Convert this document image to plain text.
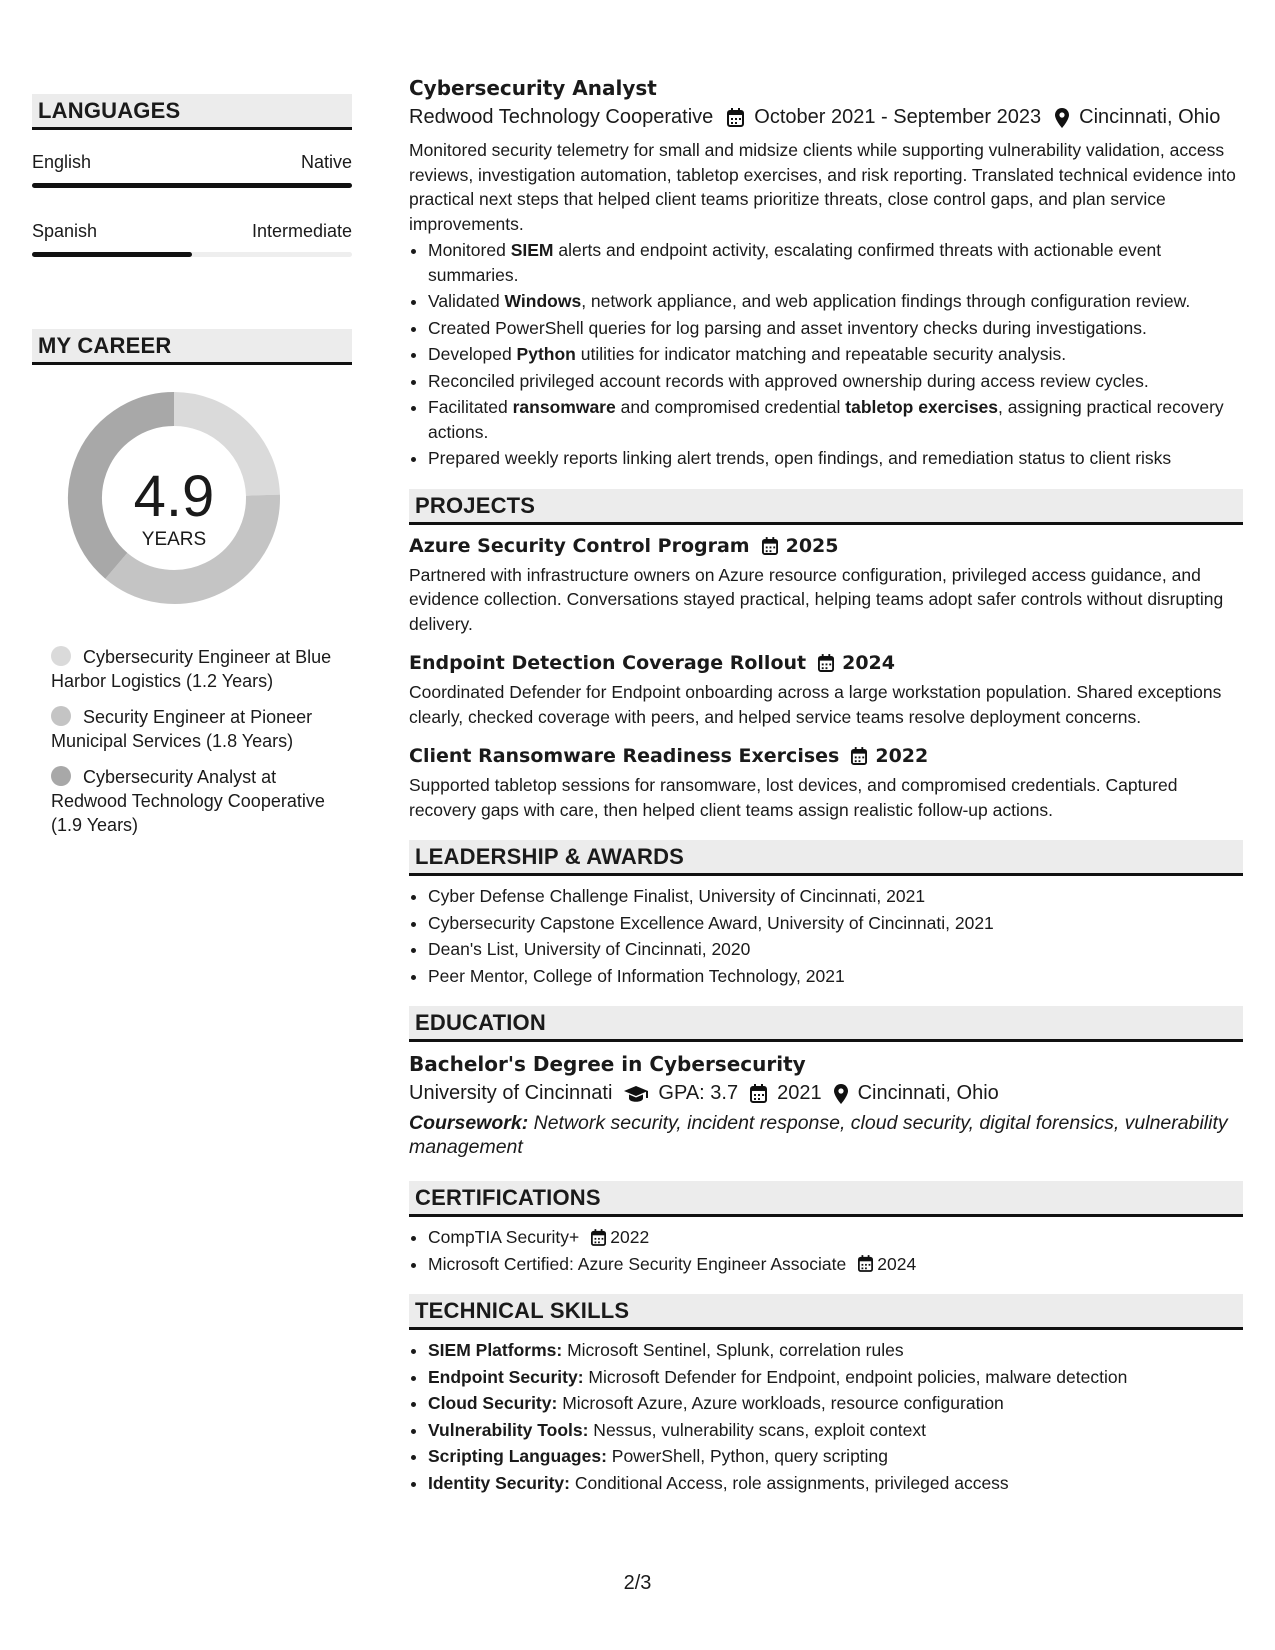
LANGUAGES
English	Native
Spanish	Intermediate
MY CAREER
4.9
YEARS
Cybersecurity Engineer at Blue Harbor Logistics (1.2 Years)
Security Engineer at Pioneer Municipal Services (1.8 Years)
Cybersecurity Analyst at Redwood Technology Cooperative (1.9 Years)
Cybersecurity Analyst
Redwood Technology Cooperative October 2021 - September 2023 Cincinnati, Ohio

Monitored security telemetry for small and midsize clients while supporting vulnerability validation, access reviews, investigation automation, tabletop exercises, and risk reporting. Translated technical evidence into practical next steps that helped client teams prioritize threats, close control gaps, and plan service improvements.

• Monitored SIEM alerts and endpoint activity, escalating confirmed threats with actionable event summaries.
• Validated Windows, network appliance, and web application findings through configuration review.
• Created PowerShell queries for log parsing and asset inventory checks during investigations.
• Developed Python utilities for indicator matching and repeatable security analysis.
• Reconciled privileged account records with approved ownership during access review cycles.
• Facilitated ransomware and compromised credential tabletop exercises, assigning practical recovery actions.
• Prepared weekly reports linking alert trends, open findings, and remediation status to client risks
PROJECTS
Azure Security Control Program 2025

Partnered with infrastructure owners on Azure resource configuration, privileged access guidance, and evidence collection. Conversations stayed practical, helping teams adopt safer controls without disrupting delivery.

Endpoint Detection Coverage Rollout 2024

Coordinated Defender for Endpoint onboarding across a large workstation population. Shared exceptions clearly, checked coverage with peers, and helped service teams resolve deployment concerns.

Client Ransomware Readiness Exercises 2022

Supported tabletop sessions for ransomware, lost devices, and compromised credentials. Captured recovery gaps with care, then helped client teams assign realistic follow-up actions.

LEADERSHIP & AWARDS
• Cyber Defense Challenge Finalist, University of Cincinnati, 2021
• Cybersecurity Capstone Excellence Award, University of Cincinnati, 2021
• Dean's List, University of Cincinnati, 2020
• Peer Mentor, College of Information Technology, 2021
EDUCATION
Bachelor's Degree in Cybersecurity
University of Cincinnati GPA: 3.7 2021 Cincinnati, Ohio
Coursework: Network security, incident response, cloud security, digital forensics, vulnerability management
CERTIFICATIONS
• CompTIA Security+ 2022
• Microsoft Certified: Azure Security Engineer Associate 2024
TECHNICAL SKILLS
• SIEM Platforms: Microsoft Sentinel, Splunk, correlation rules
• Endpoint Security: Microsoft Defender for Endpoint, endpoint policies, malware detection
• Cloud Security: Microsoft Azure, Azure workloads, resource configuration
• Vulnerability Tools: Nessus, vulnerability scans, exploit context
• Scripting Languages: PowerShell, Python, query scripting
• Identity Security: Conditional Access, role assignments, privileged access
2/3
